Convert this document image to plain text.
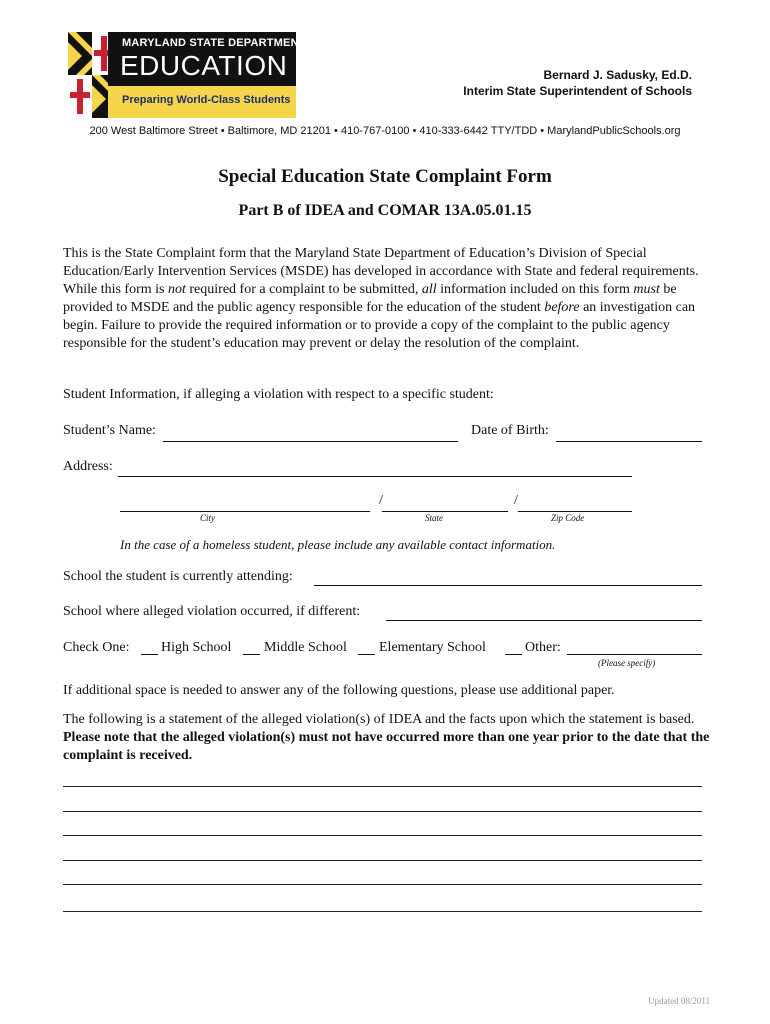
MARYLAND STATE DEPARTMENT OF
EDUCATION
Preparing World-Class Students
Bernard J. Sadusky, Ed.D.
Interim State Superintendent of Schools
200 West Baltimore Street • Baltimore, MD 21201 • 410-767-0100 • 410-333-6442 TTY/TDD • MarylandPublicSchools.org
Special Education State Complaint Form
Part B of IDEA and COMAR 13A.05.01.15
This is the State Complaint form that the Maryland State Department of Education’s Division of Special Education/Early Intervention Services (MSDE) has developed in accordance with State and federal requirements. While this form is not required for a complaint to be submitted, all information included on this form must be provided to MSDE and the public agency responsible for the education of the student before an investigation can begin. Failure to provide the required information or to provide a copy of the complaint to the public agency responsible for the student’s education may prevent or delay the resolution of the complaint.
Student Information, if alleging a violation with respect to a specific student:
Student’s Name:	Date of Birth:
Address:
/	/
City	State	Zip Code
In the case of a homeless student, please include any available contact information.
School the student is currently attending:
School where alleged violation occurred, if different:
Check One: High School Middle School Elementary School	Other:
(Please specify)
If additional space is needed to answer any of the following questions, please use additional paper.
The following is a statement of the alleged violation(s) of IDEA and the facts upon which the statement is based. Please note that the alleged violation(s) must not have occurred more than one year prior to the date that the complaint is received.
Updated 08/2011
